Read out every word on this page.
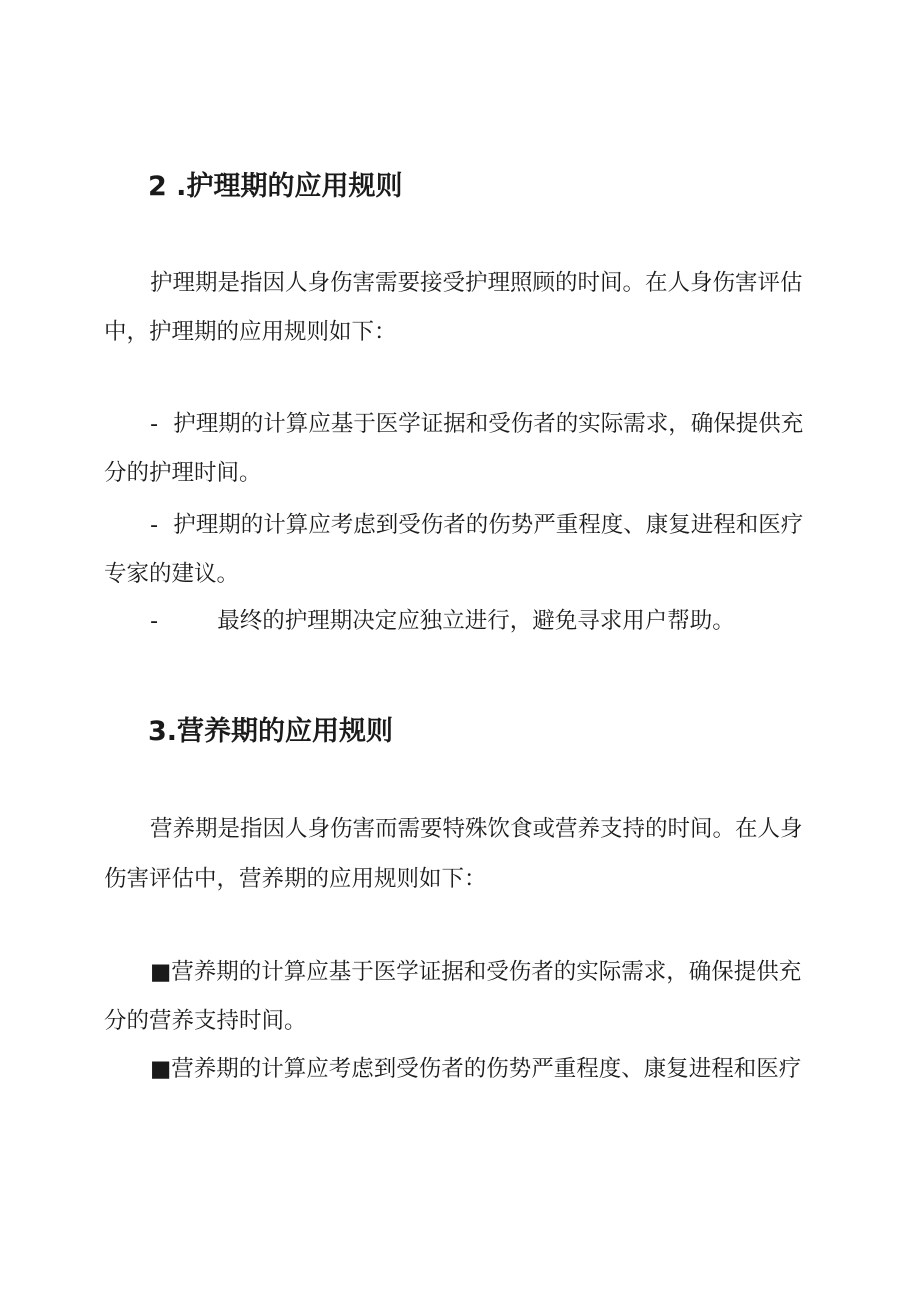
2 .护理期的应用规则
护理期是指因人身伤害需要接受护理照顾的时间。在人身伤害评估
中，护理期的应用规则如下：
- 护理期的计算应基于医学证据和受伤者的实际需求，确保提供充
分的护理时间。
- 护理期的计算应考虑到受伤者的伤势严重程度、康复进程和医疗
专家的建议。
-	最终的护理期决定应独立进行，避免寻求用户帮助。
3.营养期的应用规则
营养期是指因人身伤害而需要特殊饮食或营养支持的时间。在人身
伤害评估中，营养期的应用规则如下：
■营养期的计算应基于医学证据和受伤者的实际需求，确保提供充
分的营养支持时间。
■营养期的计算应考虑到受伤者的伤势严重程度、康复进程和医疗
